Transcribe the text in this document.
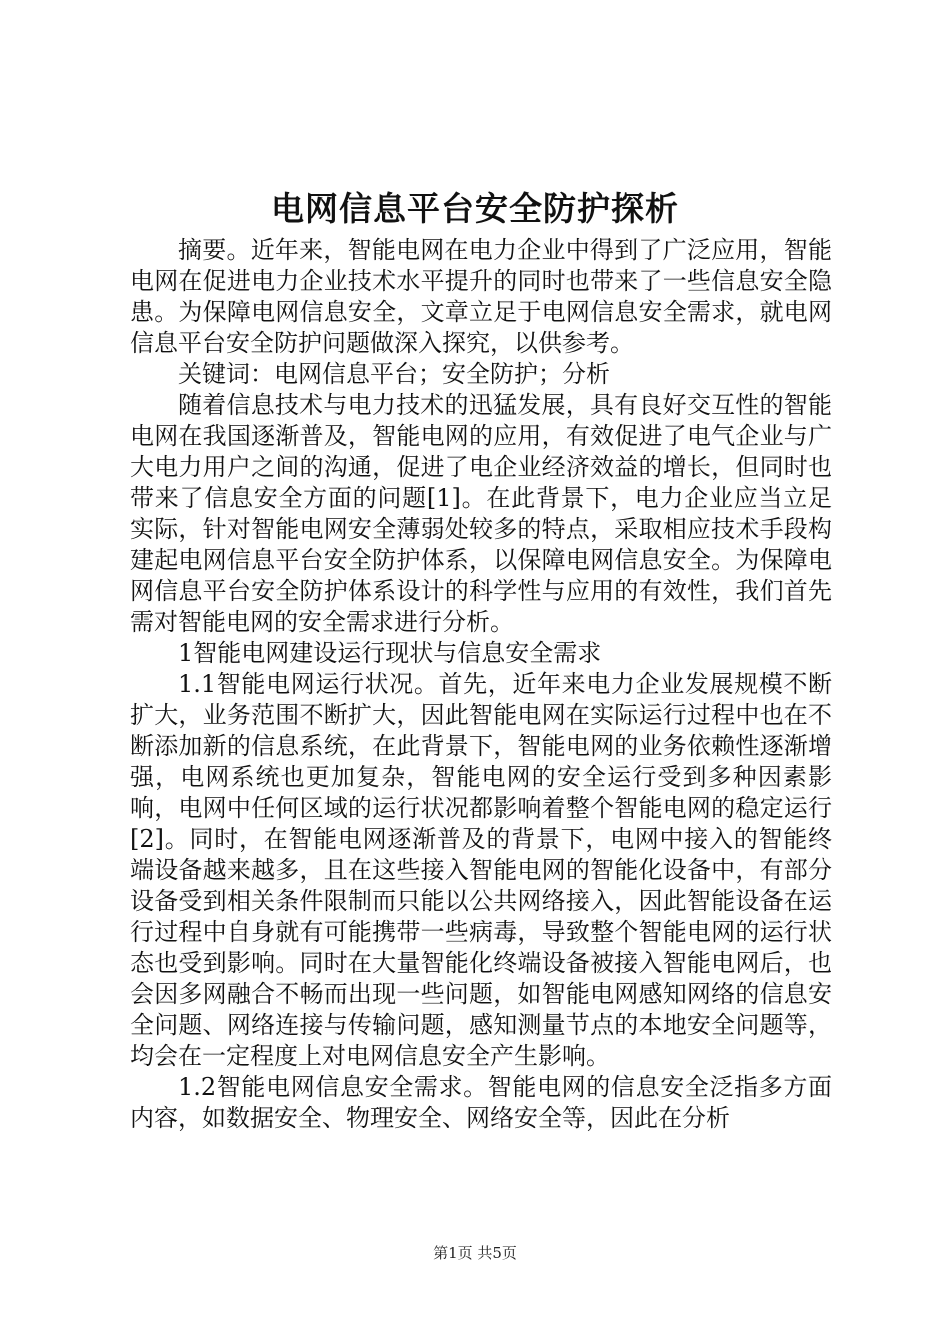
电网信息平台安全防护探析

摘要。近年来，智能电网在电力企业中得到了广泛应用，智能电网在促进电力企业技术水平提升的同时也带来了一些信息安全隐患。为保障电网信息安全，文章立足于电网信息安全需求，就电网信息平台安全防护问题做深入探究，以供参考。

关键词：电网信息平台；安全防护；分析

随着信息技术与电力技术的迅猛发展，具有良好交互性的智能电网在我国逐渐普及，智能电网的应用，有效促进了电气企业与广大电力用户之间的沟通，促进了电企业经济效益的增长，但同时也带来了信息安全方面的问题[1]。在此背景下，电力企业应当立足实际，针对智能电网安全薄弱处较多的特点，采取相应技术手段构建起电网信息平台安全防护体系，以保障电网信息安全。为保障电网信息平台安全防护体系设计的科学性与应用的有效性，我们首先需对智能电网的安全需求进行分析。

1智能电网建设运行现状与信息安全需求

1.1智能电网运行状况。首先，近年来电力企业发展规模不断扩大，业务范围不断扩大，因此智能电网在实际运行过程中也在不断添加新的信息系统，在此背景下，智能电网的业务依赖性逐渐增强，电网系统也更加复杂，智能电网的安全运行受到多种因素影响，电网中任何区域的运行状况都影响着整个智能电网的稳定运行[2]。同时，在智能电网逐渐普及的背景下，电网中接入的智能终端设备越来越多，且在这些接入智能电网的智能化设备中，有部分设备受到相关条件限制而只能以公共网络接入，因此智能设备在运行过程中自身就有可能携带一些病毒，导致整个智能电网的运行状态也受到影响。同时在大量智能化终端设备被接入智能电网后，也会因多网融合不畅而出现一些问题，如智能电网感知网络的信息安全问题、网络连接与传输问题，感知测量节点的本地安全问题等，均会在一定程度上对电网信息安全产生影响。

1.2智能电网信息安全需求。智能电网的信息安全泛指多方面内容，如数据安全、物理安全、网络安全等，因此在分析

第1页 共5页
